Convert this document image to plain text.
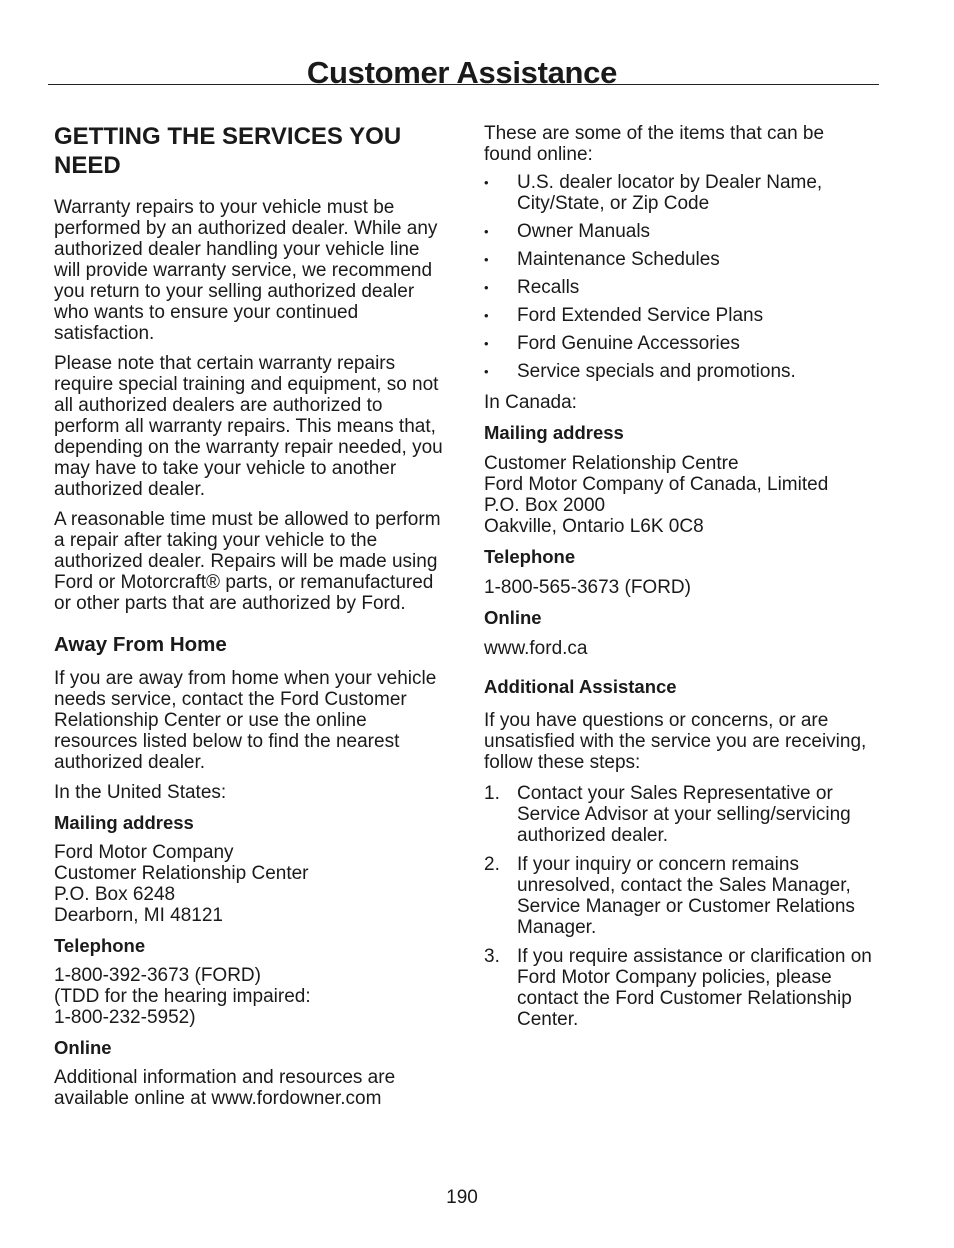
Customer Assistance
GETTING THE SERVICES YOU NEED

Warranty repairs to your vehicle must be performed by an authorized dealer. While any authorized dealer handling your vehicle line will provide warranty service, we recommend you return to your selling authorized dealer who wants to ensure your continued satisfaction.

Please note that certain warranty repairs require special training and equipment, so not all authorized dealers are authorized to perform all warranty repairs. This means that, depending on the warranty repair needed, you may have to take your vehicle to another authorized dealer.

A reasonable time must be allowed to perform a repair after taking your vehicle to the authorized dealer. Repairs will be made using Ford or Motorcraft® parts, or remanufactured or other parts that are authorized by Ford.

Away From Home

If you are away from home when your vehicle needs service, contact the Ford Customer Relationship Center or use the online resources listed below to find the nearest authorized dealer.

In the United States:

Mailing address

Ford Motor Company
Customer Relationship Center
P.O. Box 6248
Dearborn, MI 48121

Telephone

1-800-392-3673 (FORD)
(TDD for the hearing impaired:
1-800-232-5952)

Online

Additional information and resources are available online at www.fordowner.com

These are some of the items that can be found online:

• U.S. dealer locator by Dealer Name, City/State, or Zip Code
• Owner Manuals
• Maintenance Schedules
• Recalls
• Ford Extended Service Plans
• Ford Genuine Accessories
• Service specials and promotions.

In Canada:

Mailing address

Customer Relationship Centre
Ford Motor Company of Canada, Limited
P.O. Box 2000
Oakville, Ontario L6K 0C8

Telephone

1-800-565-3673 (FORD)

Online

www.ford.ca

Additional Assistance

If you have questions or concerns, or are unsatisfied with the service you are receiving, follow these steps:

1. Contact your Sales Representative or Service Advisor at your selling/servicing authorized dealer.
2. If your inquiry or concern remains unresolved, contact the Sales Manager, Service Manager or Customer Relations Manager.
3. If you require assistance or clarification on Ford Motor Company policies, please contact the Ford Customer Relationship Center.
190
